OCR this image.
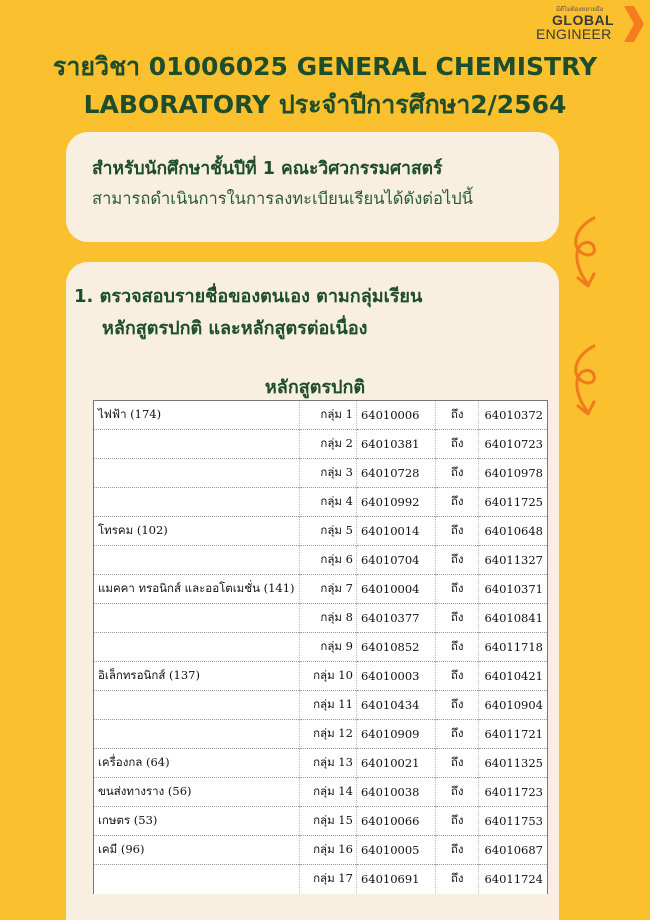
มีดีไม่ต้องหลายมือ
GLOBAL
ENGINEER
รายวิชา 01006025 GENERAL CHEMISTRY
LABORATORY ประจำปีการศึกษา2/2564
สำหรับนักศึกษาชั้นปีที่ 1 คณะวิศวกรรมศาสตร์
สามารถดำเนินการในการลงทะเบียนเรียนได้ดังต่อไปนี้
1. ตรวจสอบรายชื่อของตนเอง ตามกลุ่มเรียน
หลักสูตรปกติ และหลักสูตรต่อเนื่อง
หลักสูตรปกติ
ไฟฟ้า (174)	กลุ่ม 1	64010006	ถึง	64010372
	กลุ่ม 2	64010381	ถึง	64010723
	กลุ่ม 3	64010728	ถึง	64010978
	กลุ่ม 4	64010992	ถึง	64011725
โทรคม (102)	กลุ่ม 5	64010014	ถึง	64010648
	กลุ่ม 6	64010704	ถึง	64011327
แมคคา ทรอนิกส์ และออโตเมชั่น (141)	กลุ่ม 7	64010004	ถึง	64010371
	กลุ่ม 8	64010377	ถึง	64010841
	กลุ่ม 9	64010852	ถึง	64011718
อิเล็กทรอนิกส์ (137)	กลุ่ม 10	64010003	ถึง	64010421
	กลุ่ม 11	64010434	ถึง	64010904
	กลุ่ม 12	64010909	ถึง	64011721
เครื่องกล (64)	กลุ่ม 13	64010021	ถึง	64011325
ขนส่งทางราง (56)	กลุ่ม 14	64010038	ถึง	64011723
เกษตร (53)	กลุ่ม 15	64010066	ถึง	64011753
เคมี (96)	กลุ่ม 16	64010005	ถึง	64010687
	กลุ่ม 17	64010691	ถึง	64011724
